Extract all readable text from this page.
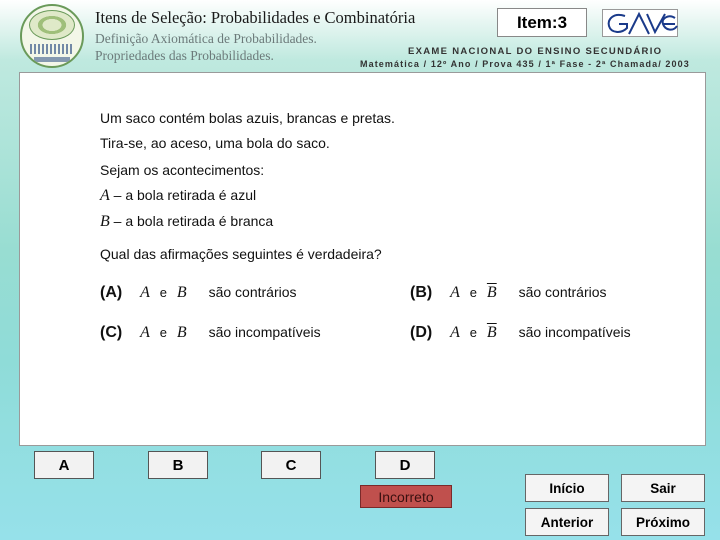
Itens de Seleção: Probabilidades e Combinatória
Definição Axiomática de Probabilidades.
Propriedades das Probabilidades.
Item:3
EXAME NACIONAL DO ENSINO SECUNDÁRIO
Matemática / 12º Ano / Prova 435 / 1ª Fase - 2ª Chamada/ 2003
Um saco contém bolas azuis, brancas e pretas.
Tira-se, ao aceso, uma bola do saco.
Sejam os acontecimentos:
A – a bola retirada é azul
B – a bola retirada é branca
Qual das afirmações seguintes é verdadeira?
(A) A e B são contrários	(B) A e $\overline{B}$ são contrários
(C) A e B são incompatíveis	(D) A e $\overline{B}$ são incompatíveis
A	B	C	D
Incorreto
Início	Sair
Anterior	Próximo
